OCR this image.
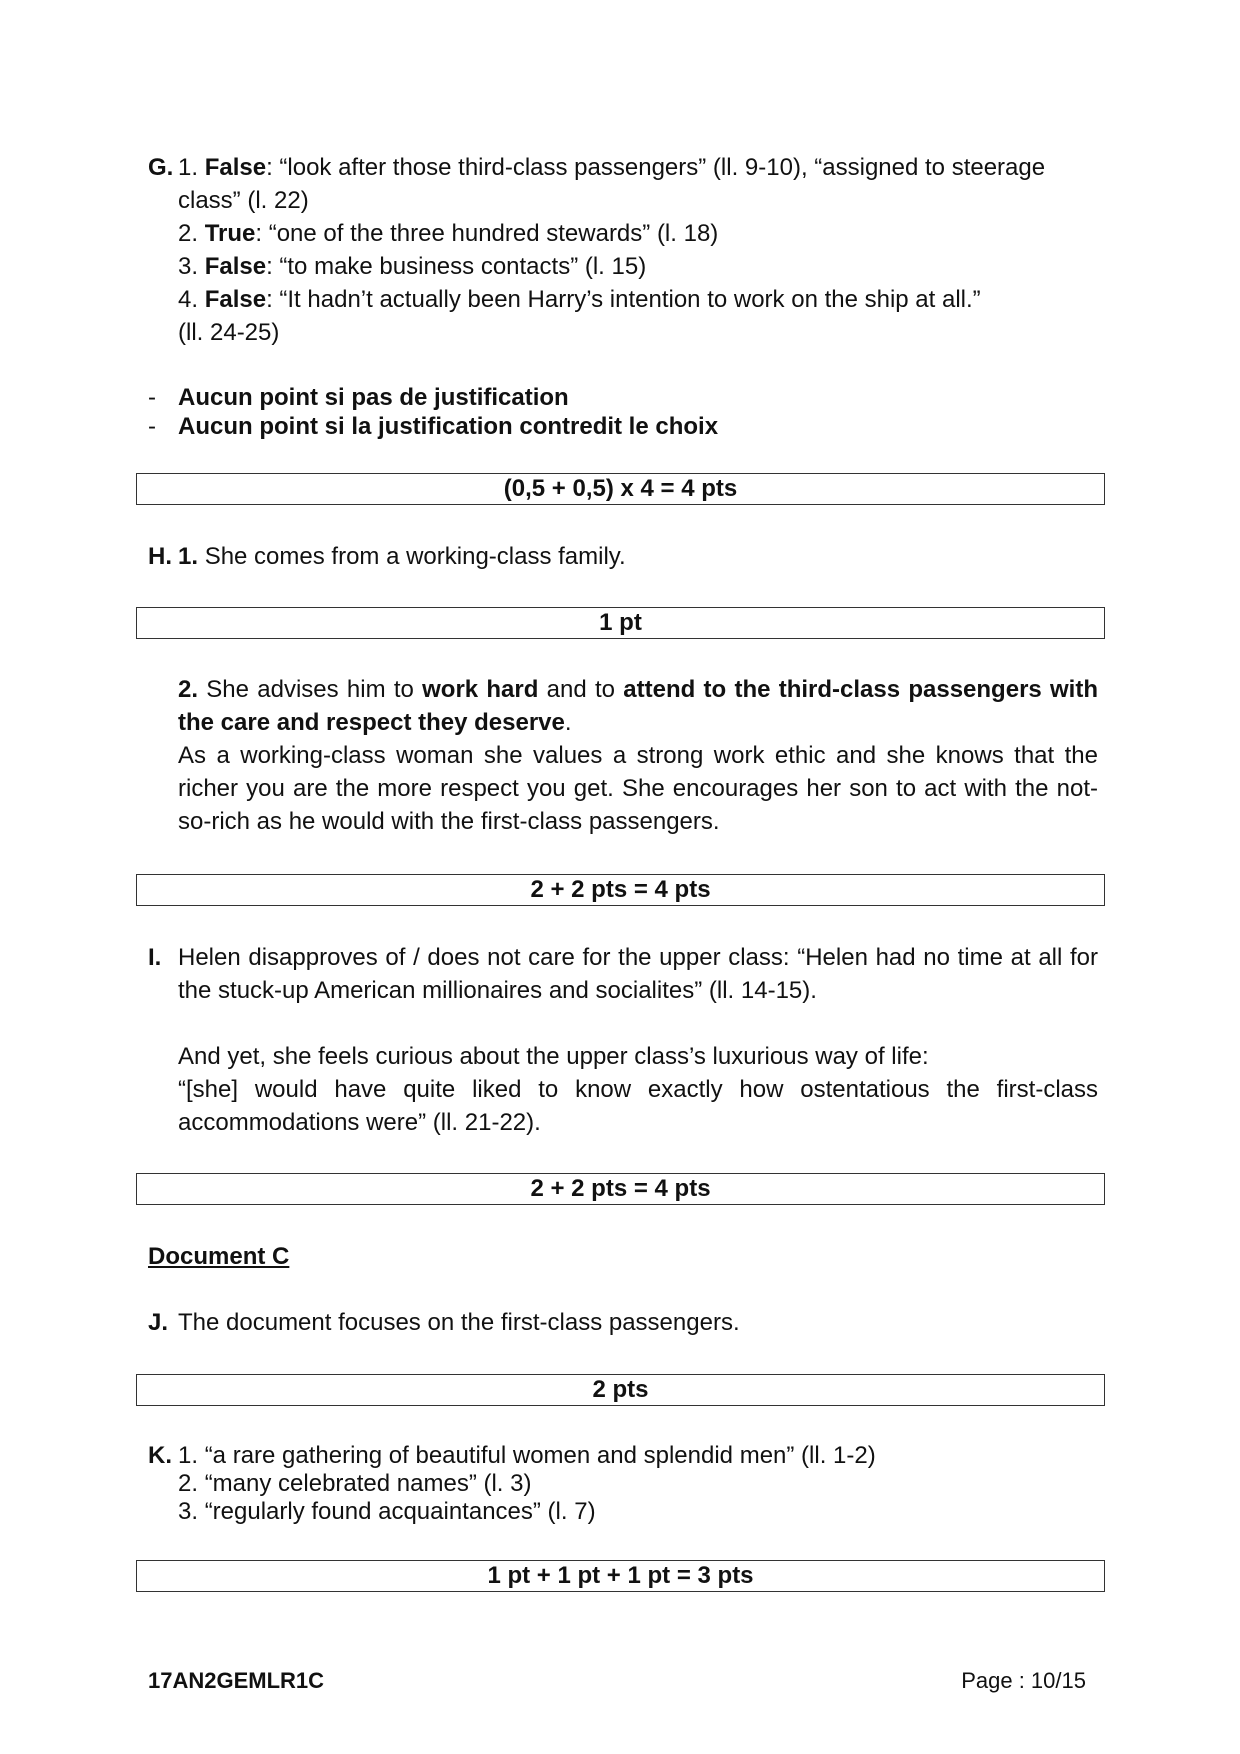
G. 1. False: “look after those third-class passengers” (ll. 9-10), “assigned to steerage
class” (l. 22)
2. True: “one of the three hundred stewards” (l. 18)
3. False: “to make business contacts” (l. 15)
4. False: “It hadn’t actually been Harry’s intention to work on the ship at all.”
(ll. 24-25)
- Aucun point si pas de justification
- Aucun point si la justification contredit le choix
(0,5 + 0,5) x 4 = 4 pts
H. 1. She comes from a working-class family.
1 pt
2. She advises him to work hard and to attend to the third-class passengers with the care and respect they deserve.
As a working-class woman she values a strong work ethic and she knows that the richer you are the more respect you get. She encourages her son to act with the not-so-rich as he would with the first-class passengers.
2 + 2 pts = 4 pts
I. Helen disapproves of / does not care for the upper class: “Helen had no time at all for the stuck-up American millionaires and socialites” (ll. 14-15).
And yet, she feels curious about the upper class’s luxurious way of life:
“[she] would have quite liked to know exactly how ostentatious the first-class accommodations were” (ll. 21-22).
2 + 2 pts = 4 pts
Document C
J. The document focuses on the first-class passengers.
2 pts
K. 1. “a rare gathering of beautiful women and splendid men” (ll. 1-2)
2. “many celebrated names” (l. 3)
3. “regularly found acquaintances” (l. 7)
1 pt + 1 pt + 1 pt = 3 pts
17AN2GEMLR1C	Page : 10/15
